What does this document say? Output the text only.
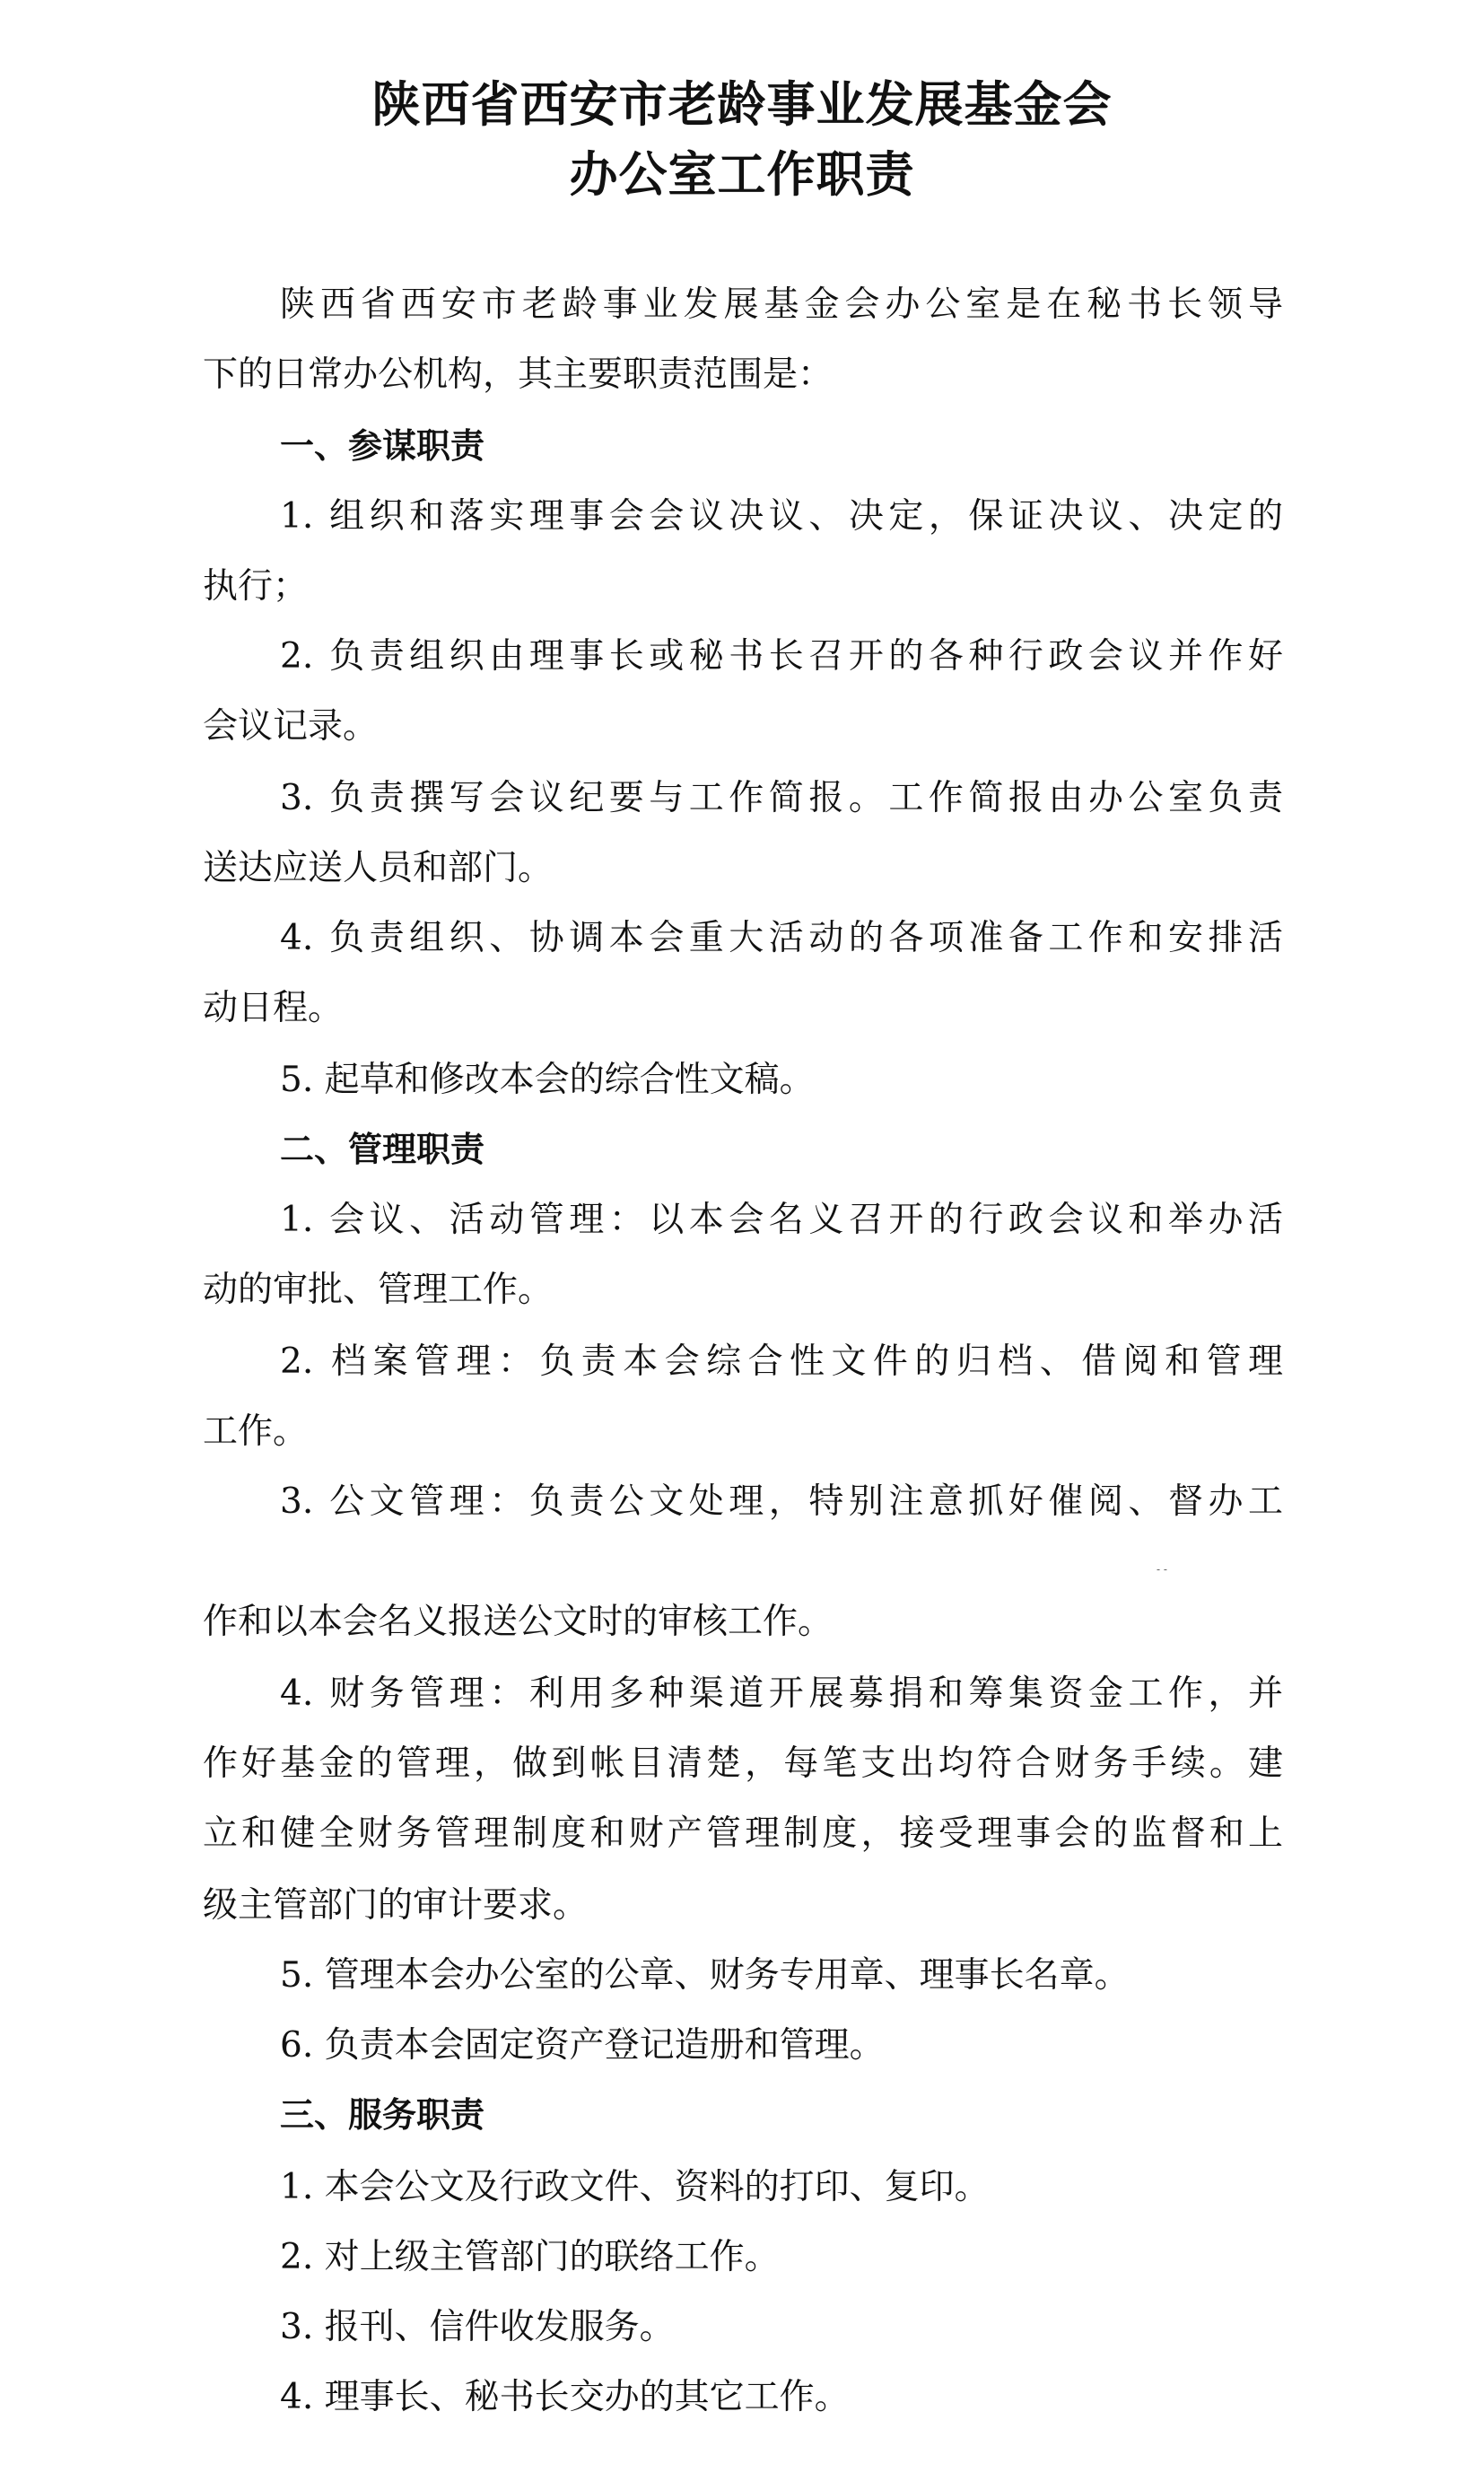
陕西省西安市老龄事业发展基金会
办公室工作职责
陕西省西安市老龄事业发展基金会办公室是在秘书长领导
下的日常办公机构，其主要职责范围是：
一、参谋职责
1. 组织和落实理事会会议决议、决定，保证决议、决定的
执行；
2. 负责组织由理事长或秘书长召开的各种行政会议并作好
会议记录。
3. 负责撰写会议纪要与工作简报。工作简报由办公室负责
送达应送人员和部门。
4. 负责组织、协调本会重大活动的各项准备工作和安排活
动日程。
5. 起草和修改本会的综合性文稿。
二、管理职责
1. 会议、活动管理：以本会名义召开的行政会议和举办活
动的审批、管理工作。
2. 档案管理：负责本会综合性文件的归档、借阅和管理
工作。
3. 公文管理：负责公文处理，特别注意抓好催阅、督办工
- -
作和以本会名义报送公文时的审核工作。
4. 财务管理：利用多种渠道开展募捐和筹集资金工作，并
作好基金的管理，做到帐目清楚，每笔支出均符合财务手续。建
立和健全财务管理制度和财产管理制度，接受理事会的监督和上
级主管部门的审计要求。
5. 管理本会办公室的公章、财务专用章、理事长名章。
6. 负责本会固定资产登记造册和管理。
三、服务职责
1. 本会公文及行政文件、资料的打印、复印。
2. 对上级主管部门的联络工作。
3. 报刊、信件收发服务。
4. 理事长、秘书长交办的其它工作。
